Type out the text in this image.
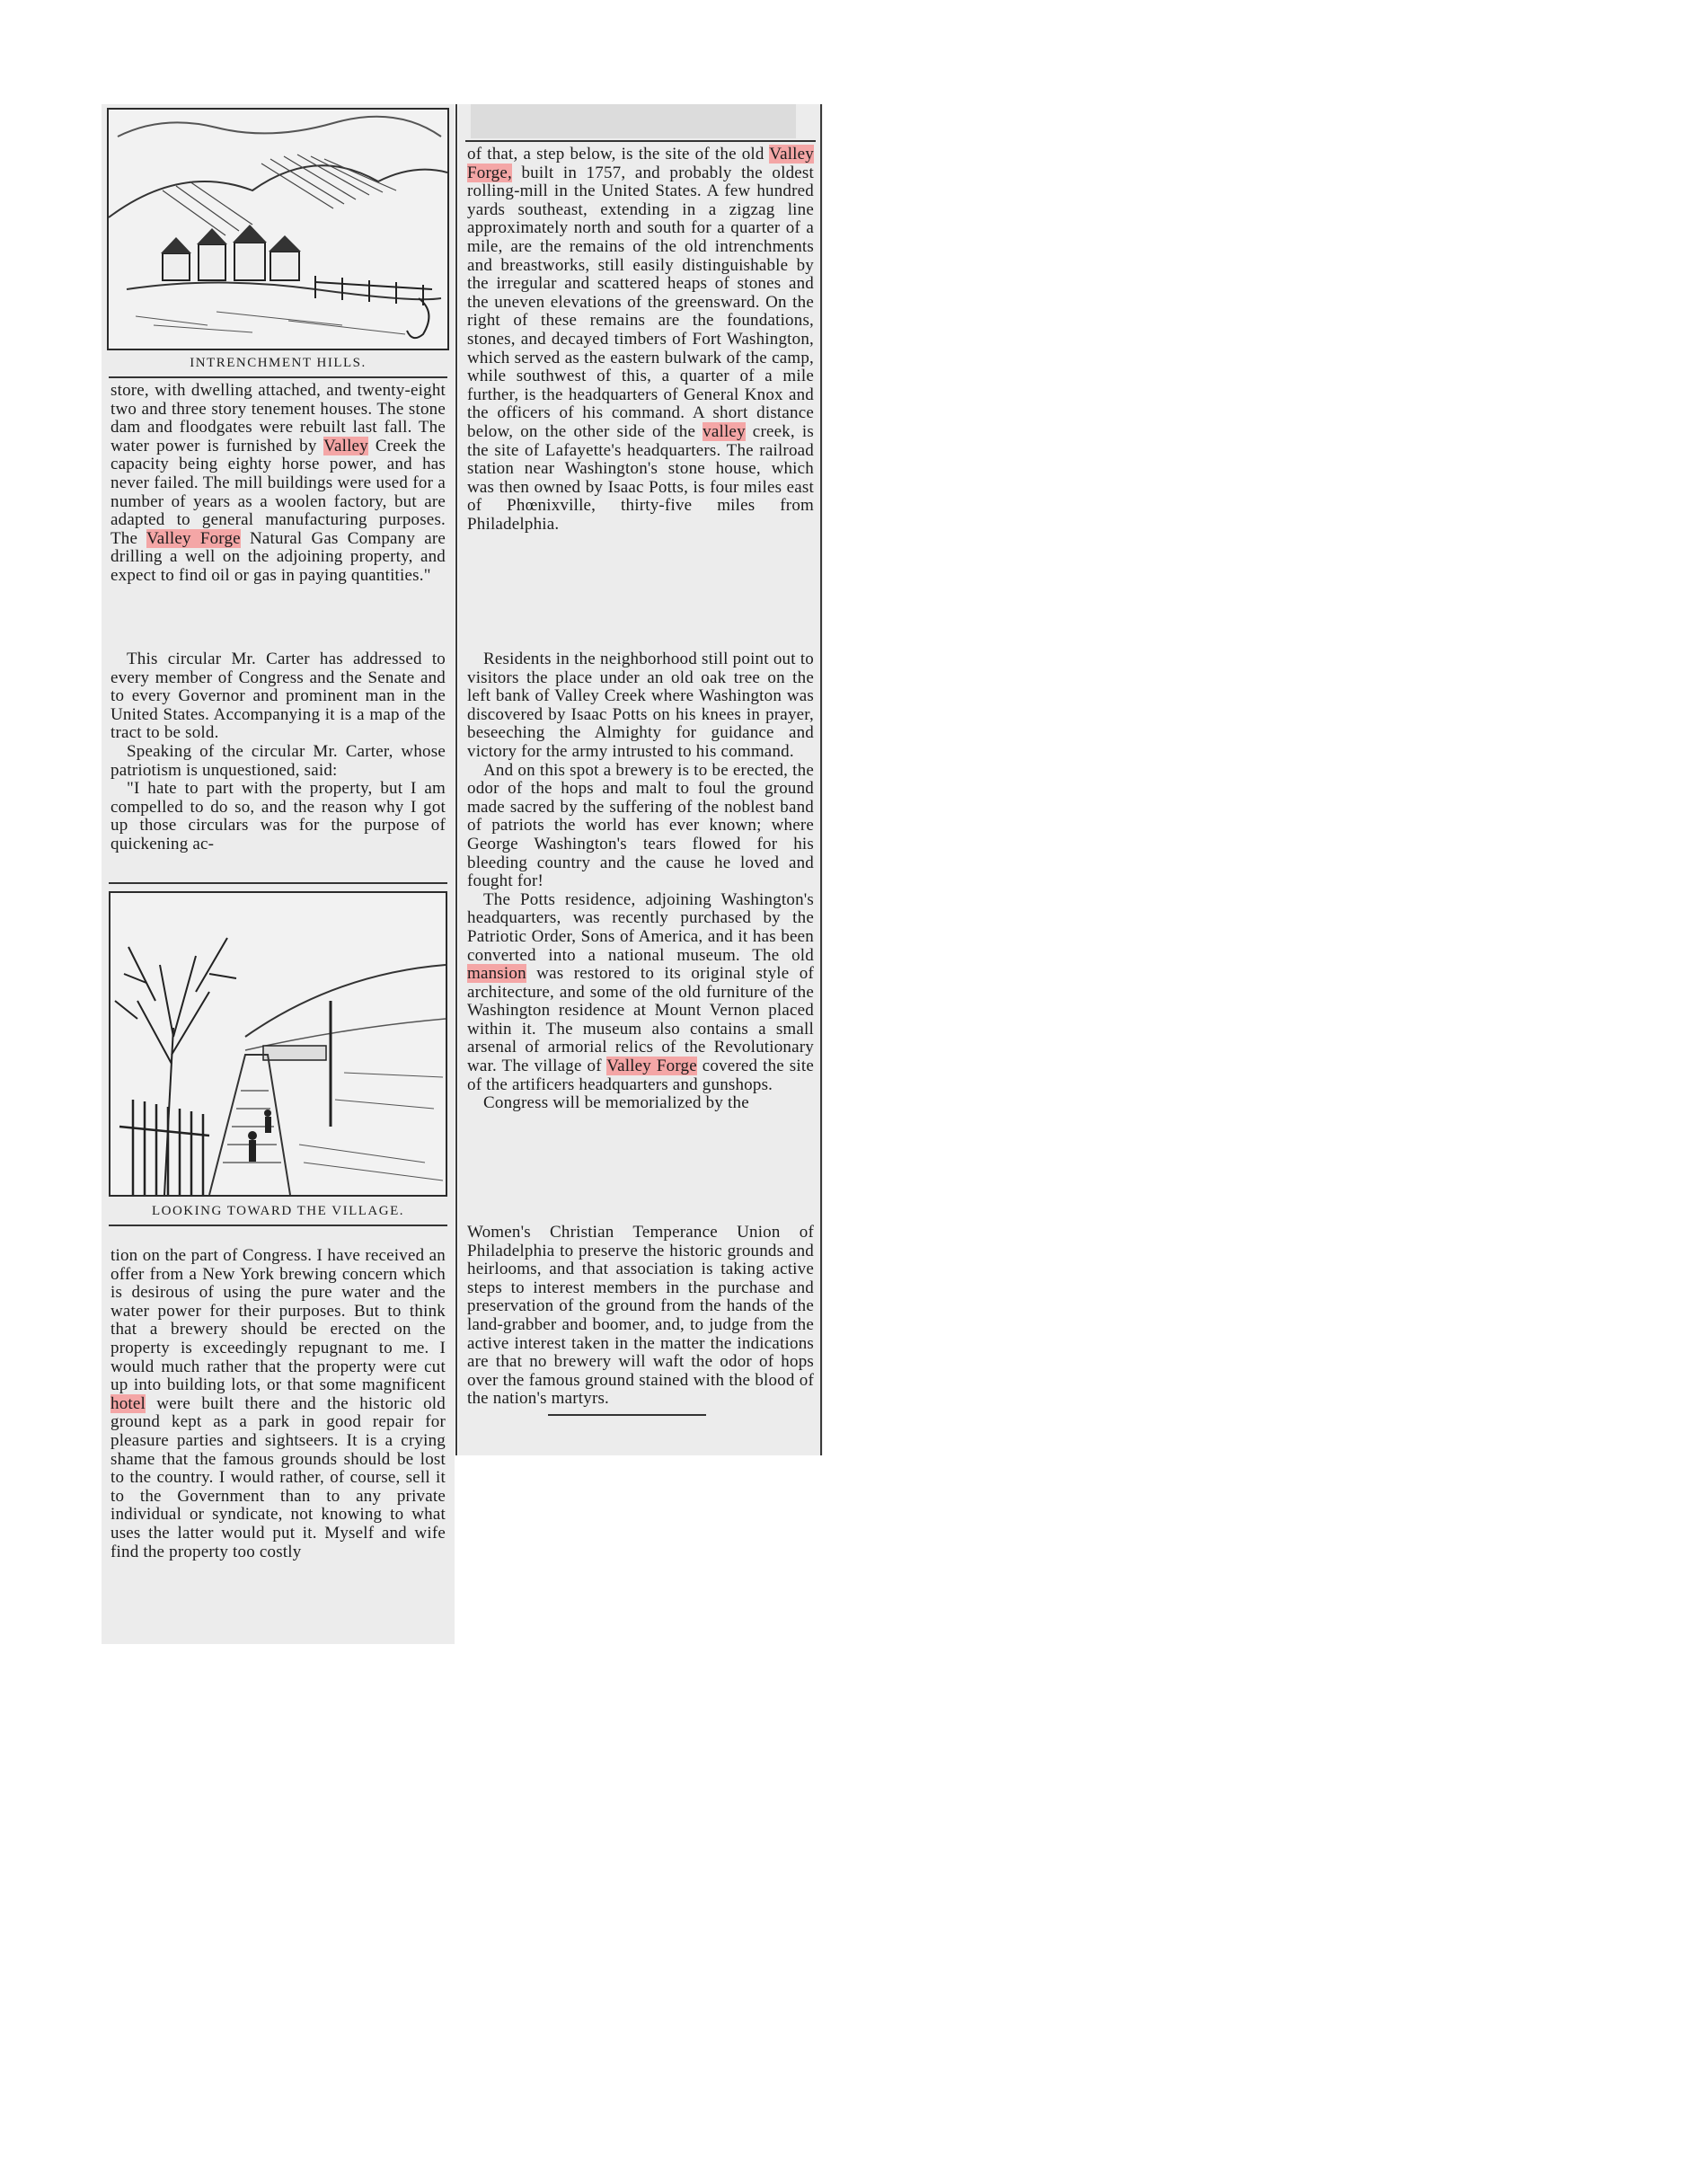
INTRENCHMENT HILLS.

store, with dwelling attached, and twenty-eight two and three story tenement houses. The stone dam and floodgates were rebuilt last fall. The water power is furnished by Valley Creek the capacity being eighty horse power, and has never failed. The mill buildings were used for a number of years as a woolen factory, but are adapted to general manufacturing purposes. The Valley Forge Natural Gas Company are drilling a well on the adjoining property, and expect to find oil or gas in paying quantities."

This circular Mr. Carter has addressed to every member of Congress and the Senate and to every Governor and prominent man in the United States. Accompanying it is a map of the tract to be sold.

Speaking of the circular Mr. Carter, whose patriotism is unquestioned, said:

"I hate to part with the property, but I am compelled to do so, and the reason why I got up those circulars was for the purpose of quickening ac-

LOOKING TOWARD THE VILLAGE.

tion on the part of Congress. I have received an offer from a New York brewing concern which is desirous of using the pure water and the water power for their purposes. But to think that a brewery should be erected on the property is exceedingly repugnant to me. I would much rather that the property were cut up into building lots, or that some magnificent hotel were built there and the historic old ground kept as a park in good repair for pleasure parties and sightseers. It is a crying shame that the famous grounds should be lost to the country. I would rather, of course, sell it to the Government than to any private individual or syndicate, not knowing to what uses the latter would put it. Myself and wife find the property too costly

of that, a step below, is the site of the old Valley Forge, built in 1757, and probably the oldest rolling-mill in the United States. A few hundred yards southeast, extending in a zigzag line approximately north and south for a quarter of a mile, are the remains of the old intrenchments and breastworks, still easily distinguishable by the irregular and scattered heaps of stones and the uneven elevations of the greensward. On the right of these remains are the foundations, stones, and decayed timbers of Fort Washington, which served as the eastern bulwark of the camp, while southwest of this, a quarter of a mile further, is the headquarters of General Knox and the officers of his command. A short distance below, on the other side of the valley creek, is the site of Lafayette's headquarters. The railroad station near Washington's stone house, which was then owned by Isaac Potts, is four miles east of Phœnixville, thirty-five miles from Philadelphia.

Residents in the neighborhood still point out to visitors the place under an old oak tree on the left bank of Valley Creek where Washington was discovered by Isaac Potts on his knees in prayer, beseeching the Almighty for guidance and victory for the army intrusted to his command.

And on this spot a brewery is to be erected, the odor of the hops and malt to foul the ground made sacred by the suffering of the noblest band of patriots the world has ever known; where George Washington's tears flowed for his bleeding country and the cause he loved and fought for!

The Potts residence, adjoining Washington's headquarters, was recently purchased by the Patriotic Order, Sons of America, and it has been converted into a national museum. The old mansion was restored to its original style of architecture, and some of the old furniture of the Washington residence at Mount Vernon placed within it. The museum also contains a small arsenal of armorial relics of the Revolutionary war. The village of Valley Forge covered the site of the artificers headquarters and gunshops.

Congress will be memorialized by the

Women's Christian Temperance Union of Philadelphia to preserve the historic grounds and heirlooms, and that association is taking active steps to interest members in the purchase and preservation of the ground from the hands of the land-grabber and boomer, and, to judge from the active interest taken in the matter the indications are that no brewery will waft the odor of hops over the famous ground stained with the blood of the nation's martyrs.
